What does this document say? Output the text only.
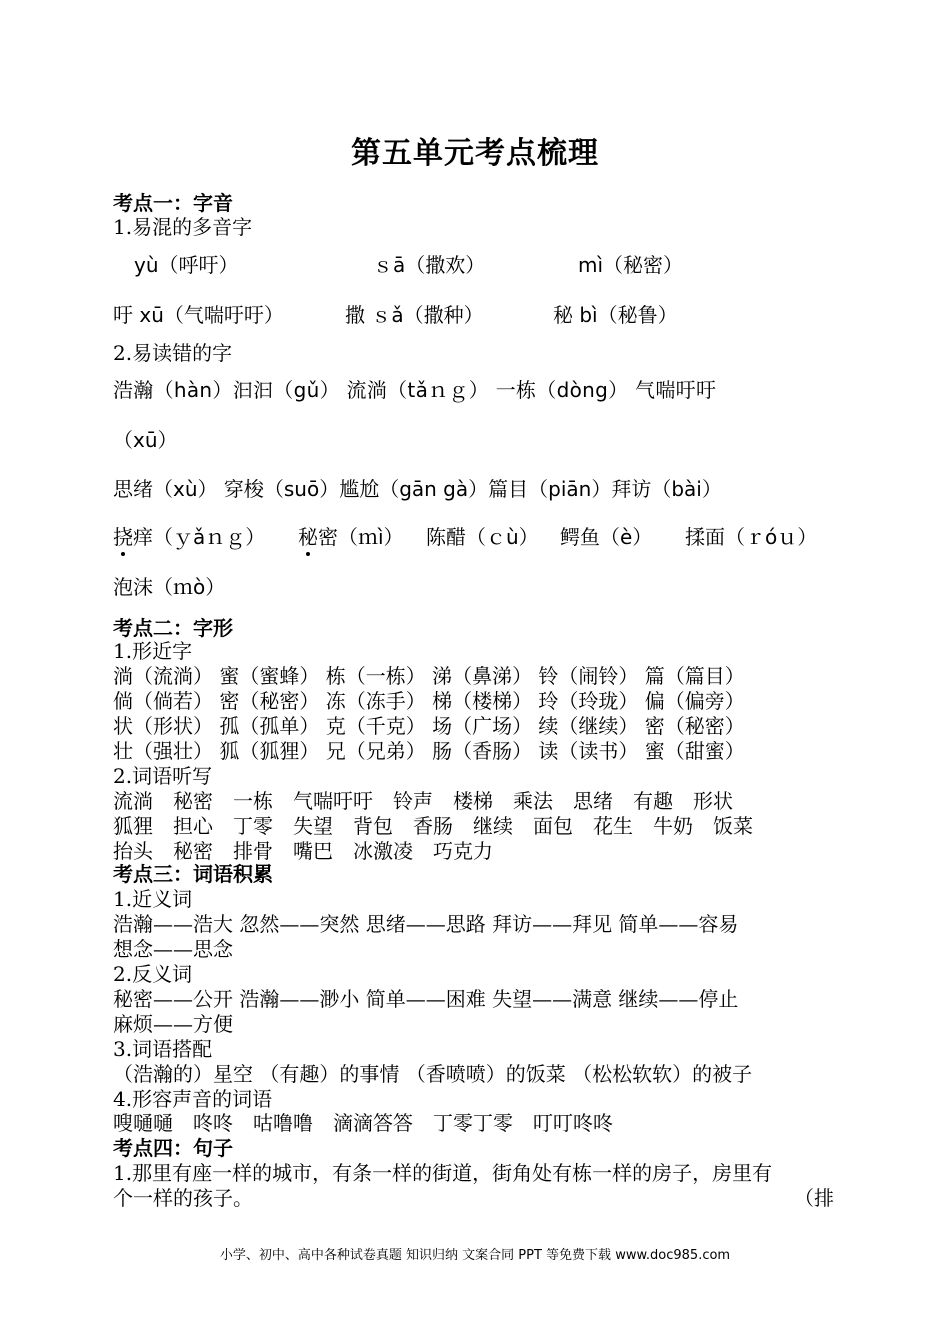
第五单元考点梳理
考点一：字音
1.易混的多音字
yù（呼吁）	ｓā（撒欢）	mì（秘密）
吁 xū（气喘吁吁）	撒 ｓǎ（撒种）	秘 bì（秘鲁）
2.易读错的字
浩瀚（hàn）汩汩（gǔ） 流淌（tǎｎｇ） 一栋（dòng） 气喘吁吁
（xū）
思绪（xù） 穿梭（suō）尴尬（gān gà）篇目（piān）拜访（bài）
挠痒（ｙǎｎｇ） 秘密（ｍì） 陈醋（ｃù） 鳄鱼（è） 揉面（ｒóｕ）
泡沫（ｍò）
考点二：字形
1.形近字
淌（流淌） 蜜（蜜蜂） 栋（一栋） 涕（鼻涕） 铃（闹铃） 篇（篇目）
倘（倘若） 密（秘密） 冻（冻手） 梯（楼梯） 玲（玲珑） 偏（偏旁）
状（形状） 孤（孤单） 克（千克） 场（广场） 续（继续） 密（秘密）
壮（强壮） 狐（狐狸） 兄（兄弟） 肠（香肠） 读（读书） 蜜（甜蜜）
2.词语听写
流淌　秘密　一栋　气喘吁吁　铃声　楼梯　乘法　思绪　有趣　形状
狐狸　担心　丁零　失望　背包　香肠　继续　面包　花生　牛奶　饭菜
抬头　秘密　排骨　嘴巴　冰激凌　巧克力
考点三：词语积累
1.近义词
浩瀚——浩大 忽然——突然 思绪——思路 拜访——拜见 简单——容易
想念——思念
2.反义词
秘密——公开 浩瀚——渺小 简单——困难 失望——满意 继续——停止
麻烦——方便
3.词语搭配
（浩瀚的）星空 （有趣）的事情 （香喷喷）的饭菜 （松松软软）的被子
4.形容声音的词语
嗖嗵嗵　咚咚　咕噜噜　滴滴答答　丁零丁零　叮叮咚咚
考点四：句子
1.那里有座一样的城市，有条一样的街道，街角处有栋一样的房子，房里有
个一样的孩子。	（排
小学、初中、高中各种试卷真题 知识归纳 文案合同 PPT 等免费下载 www.doc985.com
